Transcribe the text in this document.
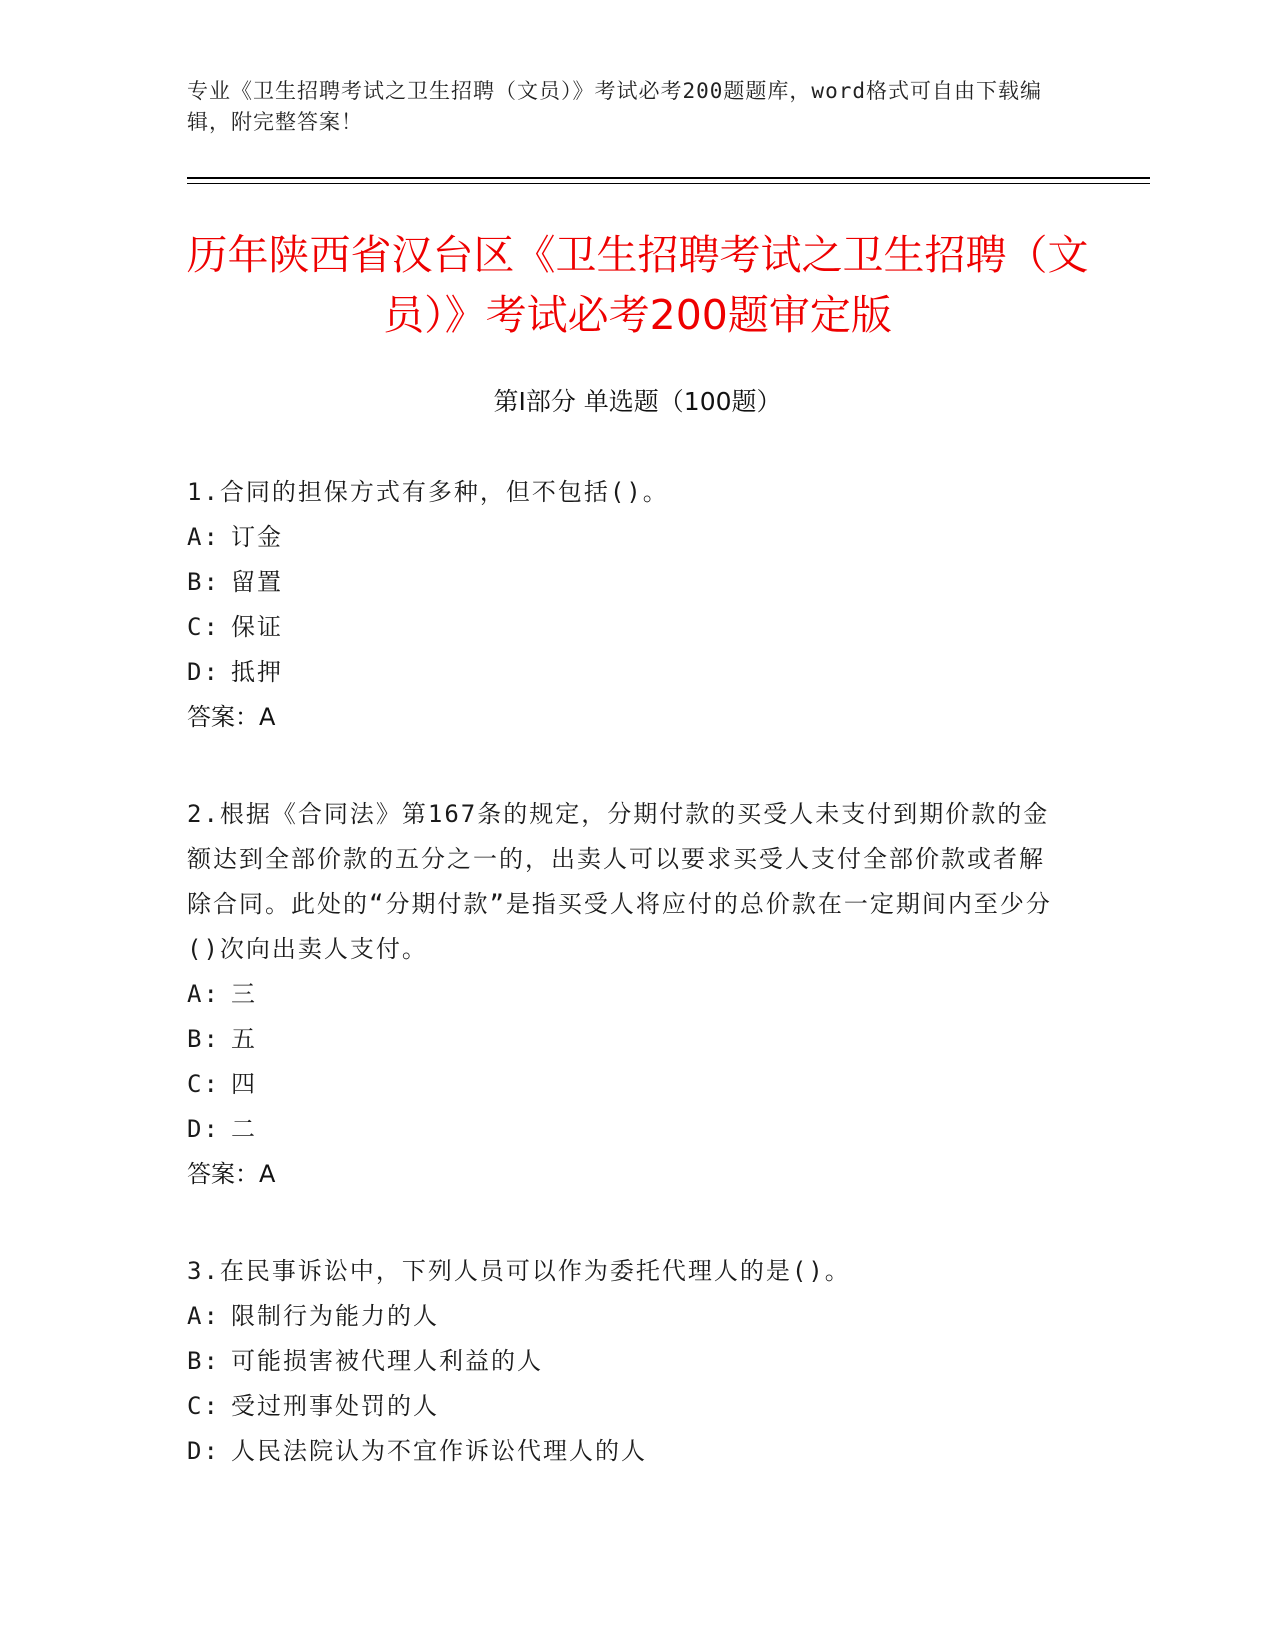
专业《卫生招聘考试之卫生招聘（文员）》考试必考200题题库，word格式可自由下载编辑，附完整答案！
历年陕西省汉台区《卫生招聘考试之卫生招聘（文员）》考试必考200题审定版
第Ⅰ部分 单选题（100题）

1.合同的担保方式有多种，但不包括()。

A: 订金

B: 留置

C: 保证

D: 抵押

答案：A

2.根据《合同法》第167条的规定，分期付款的买受人未支付到期价款的金额达到全部价款的五分之一的，出卖人可以要求买受人支付全部价款或者解除合同。此处的“分期付款”是指买受人将应付的总价款在一定期间内至少分()次向出卖人支付。

A: 三

B: 五

C: 四

D: 二

答案：A

3.在民事诉讼中，下列人员可以作为委托代理人的是()。

A: 限制行为能力的人

B: 可能损害被代理人利益的人

C: 受过刑事处罚的人

D: 人民法院认为不宜作诉讼代理人的人
